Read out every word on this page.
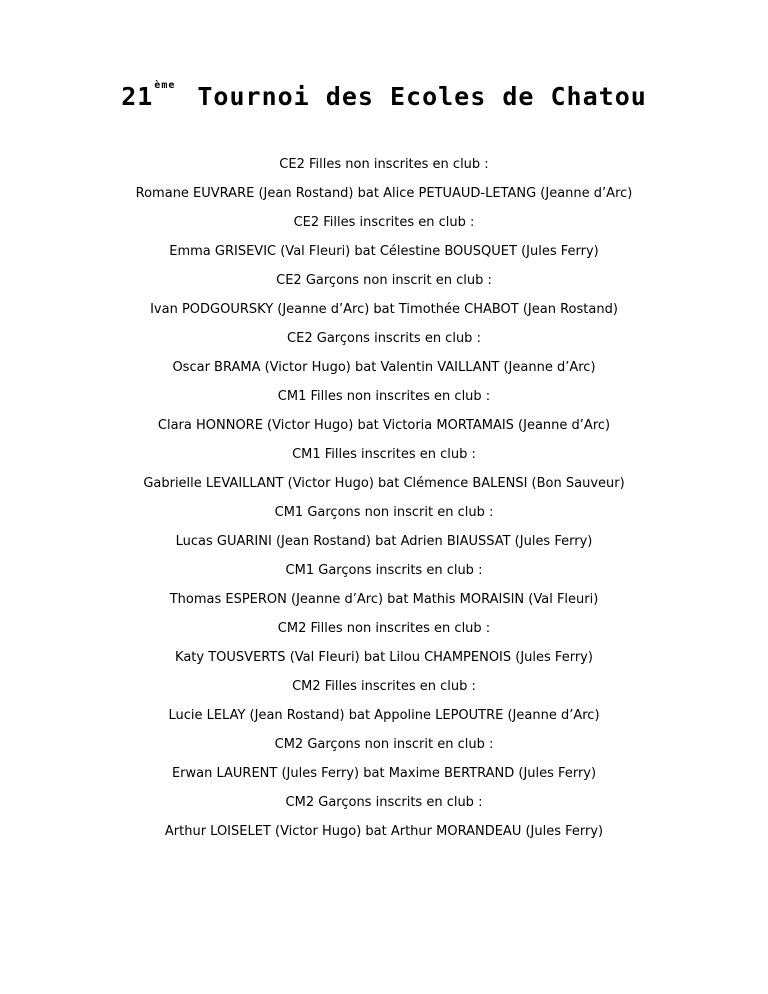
21ème Tournoi des Ecoles de Chatou
CE2 Filles non inscrites en club :
Romane EUVRARE (Jean Rostand) bat Alice PETUAUD-LETANG (Jeanne d’Arc)
CE2 Filles inscrites en club :
Emma GRISEVIC (Val Fleuri) bat Célestine BOUSQUET (Jules Ferry)
CE2 Garçons non inscrit en club :
Ivan PODGOURSKY (Jeanne d’Arc) bat Timothée CHABOT (Jean Rostand)
CE2 Garçons inscrits en club :
Oscar BRAMA (Victor Hugo) bat Valentin VAILLANT (Jeanne d’Arc)
CM1 Filles non inscrites en club :
Clara HONNORE (Victor Hugo) bat Victoria MORTAMAIS (Jeanne d’Arc)
CM1 Filles inscrites en club :
Gabrielle LEVAILLANT (Victor Hugo) bat Clémence BALENSI (Bon Sauveur)
CM1 Garçons non inscrit en club :
Lucas GUARINI (Jean Rostand) bat Adrien BIAUSSAT (Jules Ferry)
CM1 Garçons inscrits en club :
Thomas ESPERON (Jeanne d’Arc) bat Mathis MORAISIN (Val Fleuri)
CM2 Filles non inscrites en club :
Katy TOUSVERTS (Val Fleuri) bat Lilou CHAMPENOIS (Jules Ferry)
CM2 Filles inscrites en club :
Lucie LELAY (Jean Rostand) bat Appoline LEPOUTRE (Jeanne d’Arc)
CM2 Garçons non inscrit en club :
Erwan LAURENT (Jules Ferry) bat Maxime BERTRAND (Jules Ferry)
CM2 Garçons inscrits en club :
Arthur LOISELET (Victor Hugo) bat Arthur MORANDEAU (Jules Ferry)
